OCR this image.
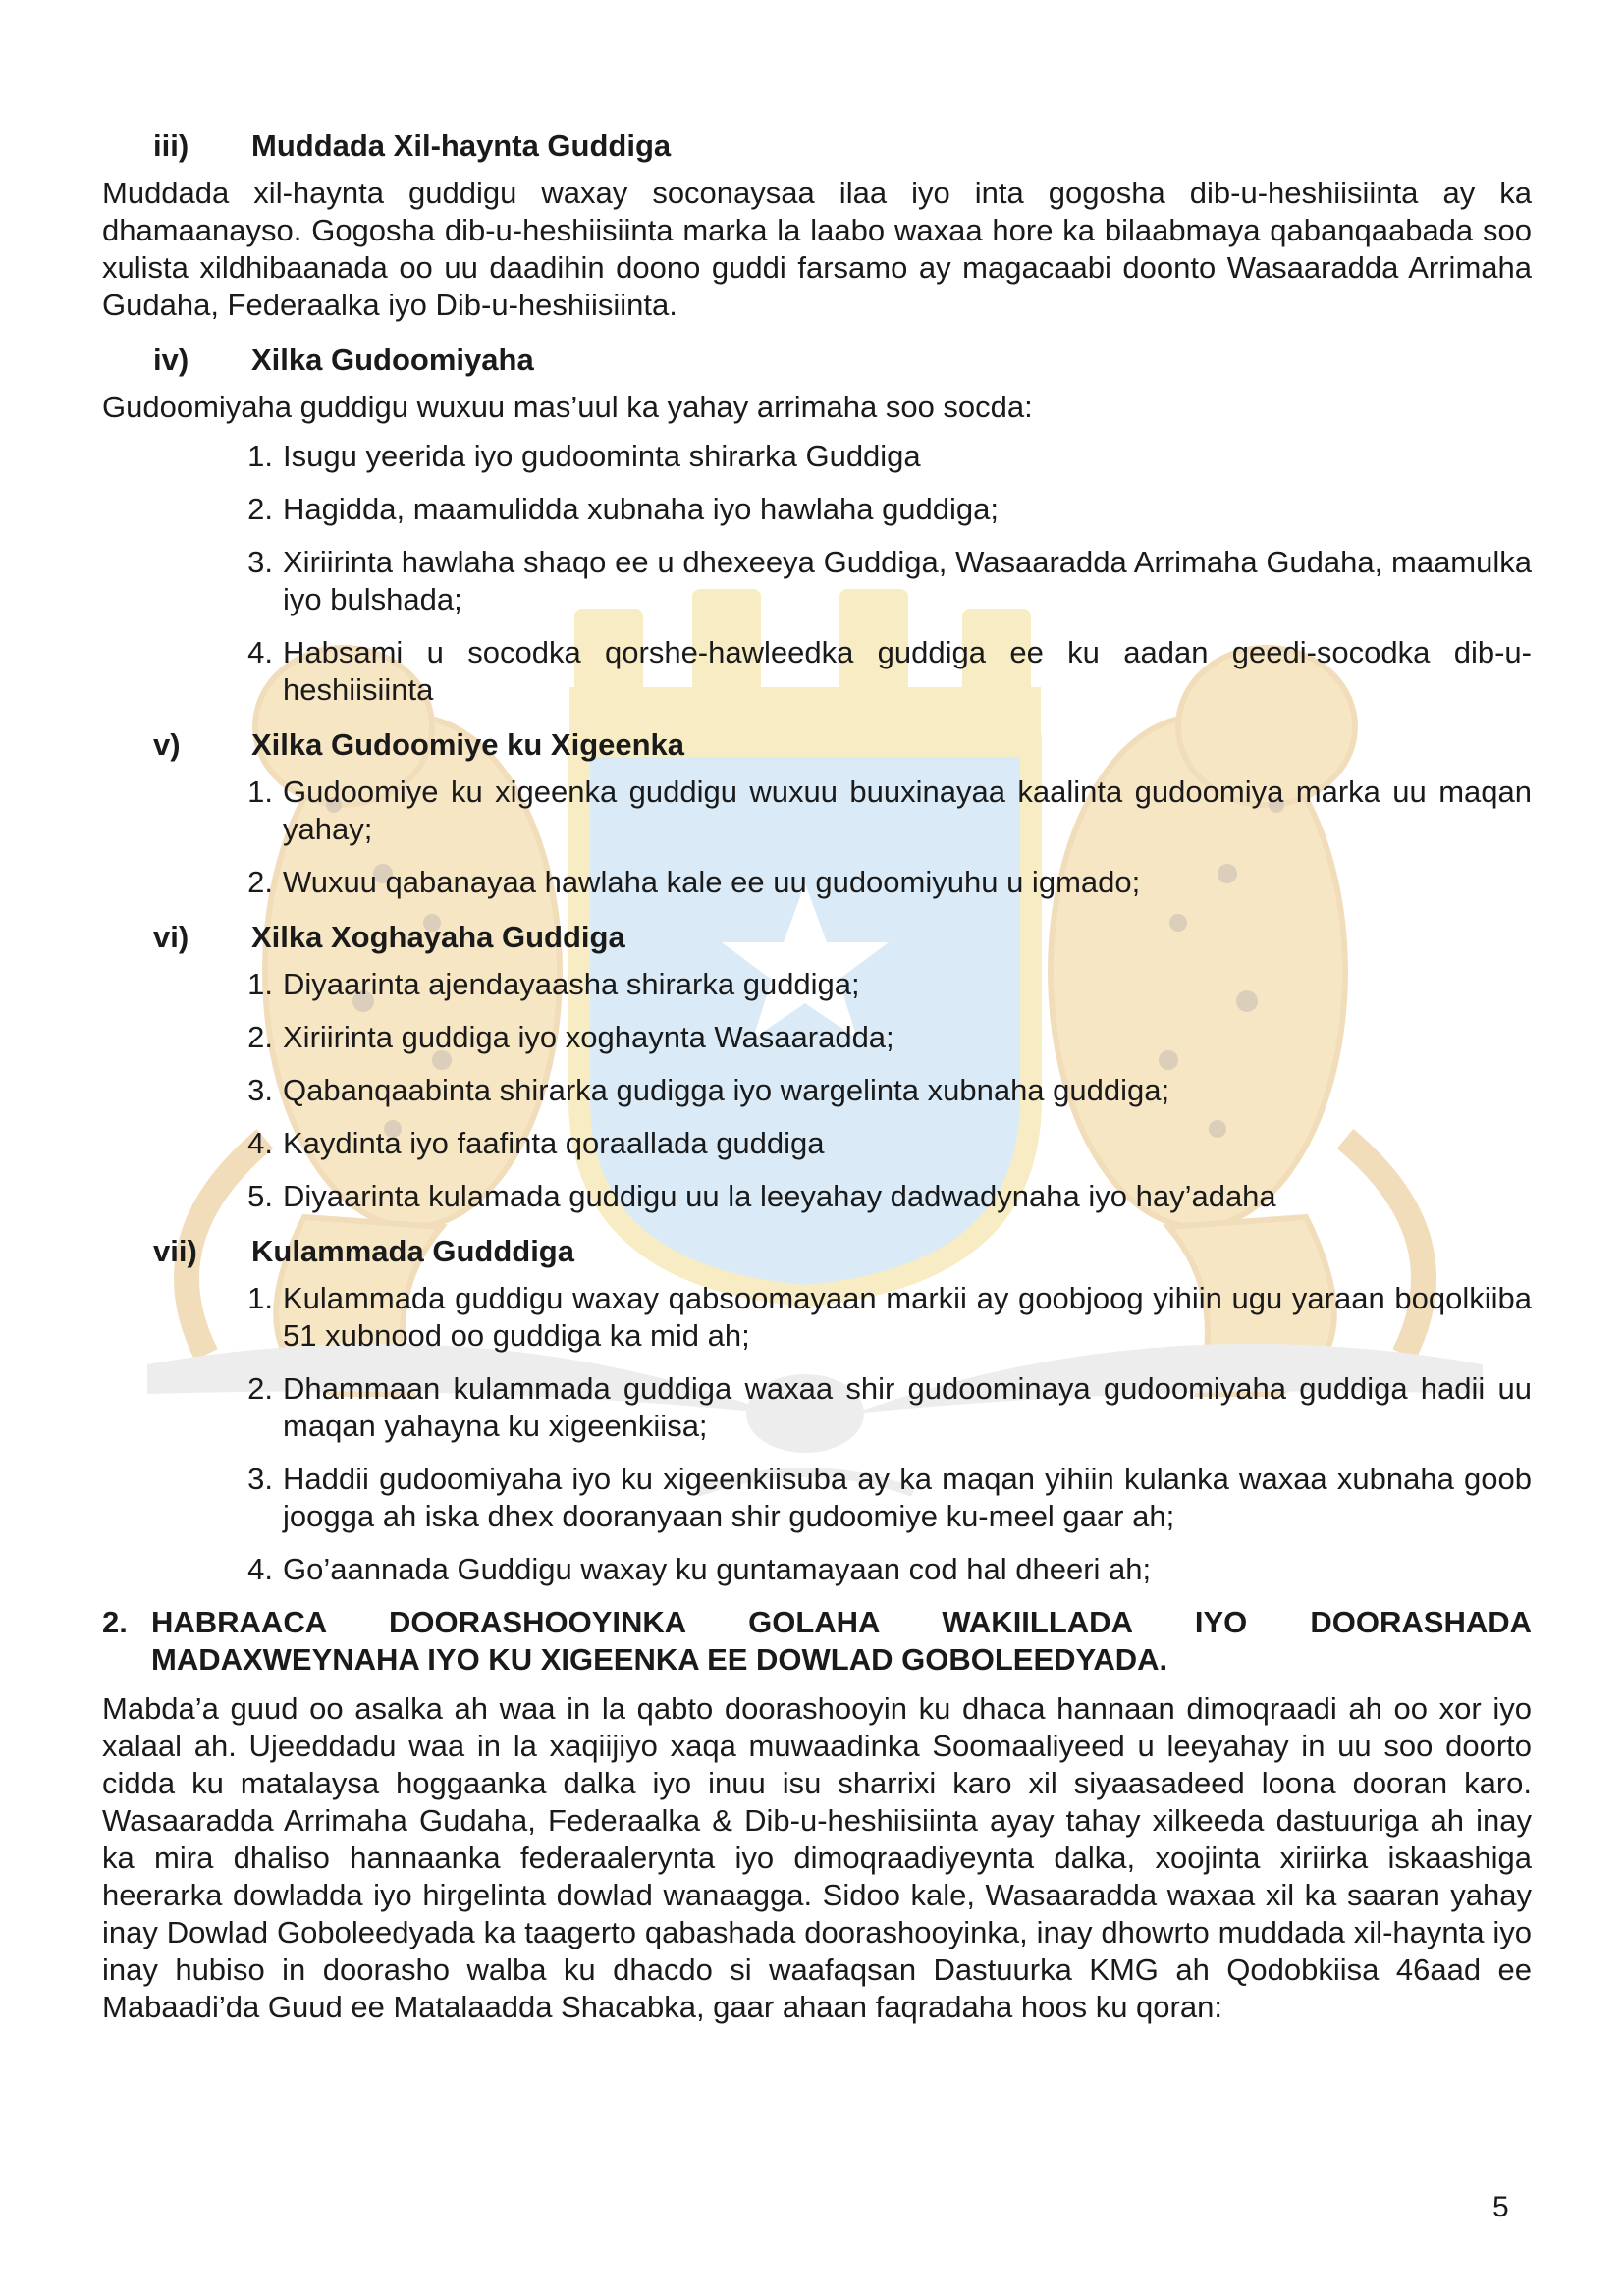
iii)	Muddada Xil-haynta Guddiga

Muddada xil-haynta guddigu waxay soconaysaa ilaa iyo inta gogosha dib-u-heshiisiinta ay ka dhamaanayso. Gogosha dib-u-heshiisiinta marka la laabo waxaa hore ka bilaabmaya qabanqaabada soo xulista xildhibaanada oo uu daadihin doono guddi farsamo ay magacaabi doonto Wasaaradda Arrimaha Gudaha, Federaalka iyo Dib-u-heshiisiinta.

iv)	Xilka Gudoomiyaha

Gudoomiyaha guddigu wuxuu mas’uul ka yahay arrimaha soo socda:

1. Isugu yeerida iyo gudoominta shirarka Guddiga
2. Hagidda, maamulidda xubnaha iyo hawlaha guddiga;
3. Xiriirinta hawlaha shaqo ee u dhexeeya Guddiga, Wasaaradda Arrimaha Gudaha, maamulka iyo bulshada;
4. Habsami u socodka qorshe-hawleedka guddiga ee ku aadan geedi-socodka dib-u-heshiisiinta
v)	Xilka Gudoomiye ku Xigeenka
1. Gudoomiye ku xigeenka guddigu wuxuu buuxinayaa kaalinta gudoomiya marka uu maqan yahay;
2. Wuxuu qabanayaa hawlaha kale ee uu gudoomiyuhu u igmado;
vi)	Xilka Xoghayaha Guddiga
1. Diyaarinta ajendayaasha shirarka guddiga;
2. Xiriirinta guddiga iyo xoghaynta Wasaaradda;
3. Qabanqaabinta shirarka gudigga iyo wargelinta xubnaha guddiga;
4. Kaydinta iyo faafinta qoraallada guddiga
5. Diyaarinta kulamada guddigu uu la leeyahay dadwadynaha iyo hay’adaha
vii)	Kulammada Gudddiga
1. Kulammada guddigu waxay qabsoomayaan markii ay goobjoog yihiin ugu yaraan boqolkiiba 51 xubnood oo guddiga ka mid ah;
2. Dhammaan kulammada guddiga waxaa shir gudoominaya gudoomiyaha guddiga hadii uu maqan yahayna ku xigeenkiisa;
3. Haddii gudoomiyaha iyo ku xigeenkiisuba ay ka maqan yihiin kulanka waxaa xubnaha goob joogga ah iska dhex dooranyaan shir gudoomiye ku-meel gaar ah;
4. Go’aannada Guddigu waxay ku guntamayaan cod hal dheeri ah;
2. HABRAACA DOORASHOOYINKA GOLAHA WAKIILLADA IYO DOORASHADA
MADAXWEYNAHA IYO KU XIGEENKA EE DOWLAD GOBOLEEDYADA.

Mabda’a guud oo asalka ah waa in la qabto doorashooyin ku dhaca hannaan dimoqraadi ah oo xor iyo xalaal ah. Ujeeddadu waa in la xaqiijiyo xaqa muwaadinka Soomaaliyeed u leeyahay in uu soo doorto cidda ku matalaysa hoggaanka dalka iyo inuu isu sharrixi karo xil siyaasadeed loona dooran karo. Wasaaradda Arrimaha Gudaha, Federaalka & Dib-u-heshiisiinta ayay tahay xilkeeda dastuuriga ah inay ka mira dhaliso hannaanka federaalerynta iyo dimoqraadiyeynta dalka, xoojinta xiriirka iskaashiga heerarka dowladda iyo hirgelinta dowlad wanaagga. Sidoo kale, Wasaaradda waxaa xil ka saaran yahay inay Dowlad Goboleedyada ka taagerto qabashada doorashooyinka, inay dhowrto muddada xil-haynta iyo inay hubiso in doorasho walba ku dhacdo si waafaqsan Dastuurka KMG ah Qodobkiisa 46aad ee Mabaadi’da Guud ee Matalaadda Shacabka, gaar ahaan faqradaha hoos ku qoran:

5
